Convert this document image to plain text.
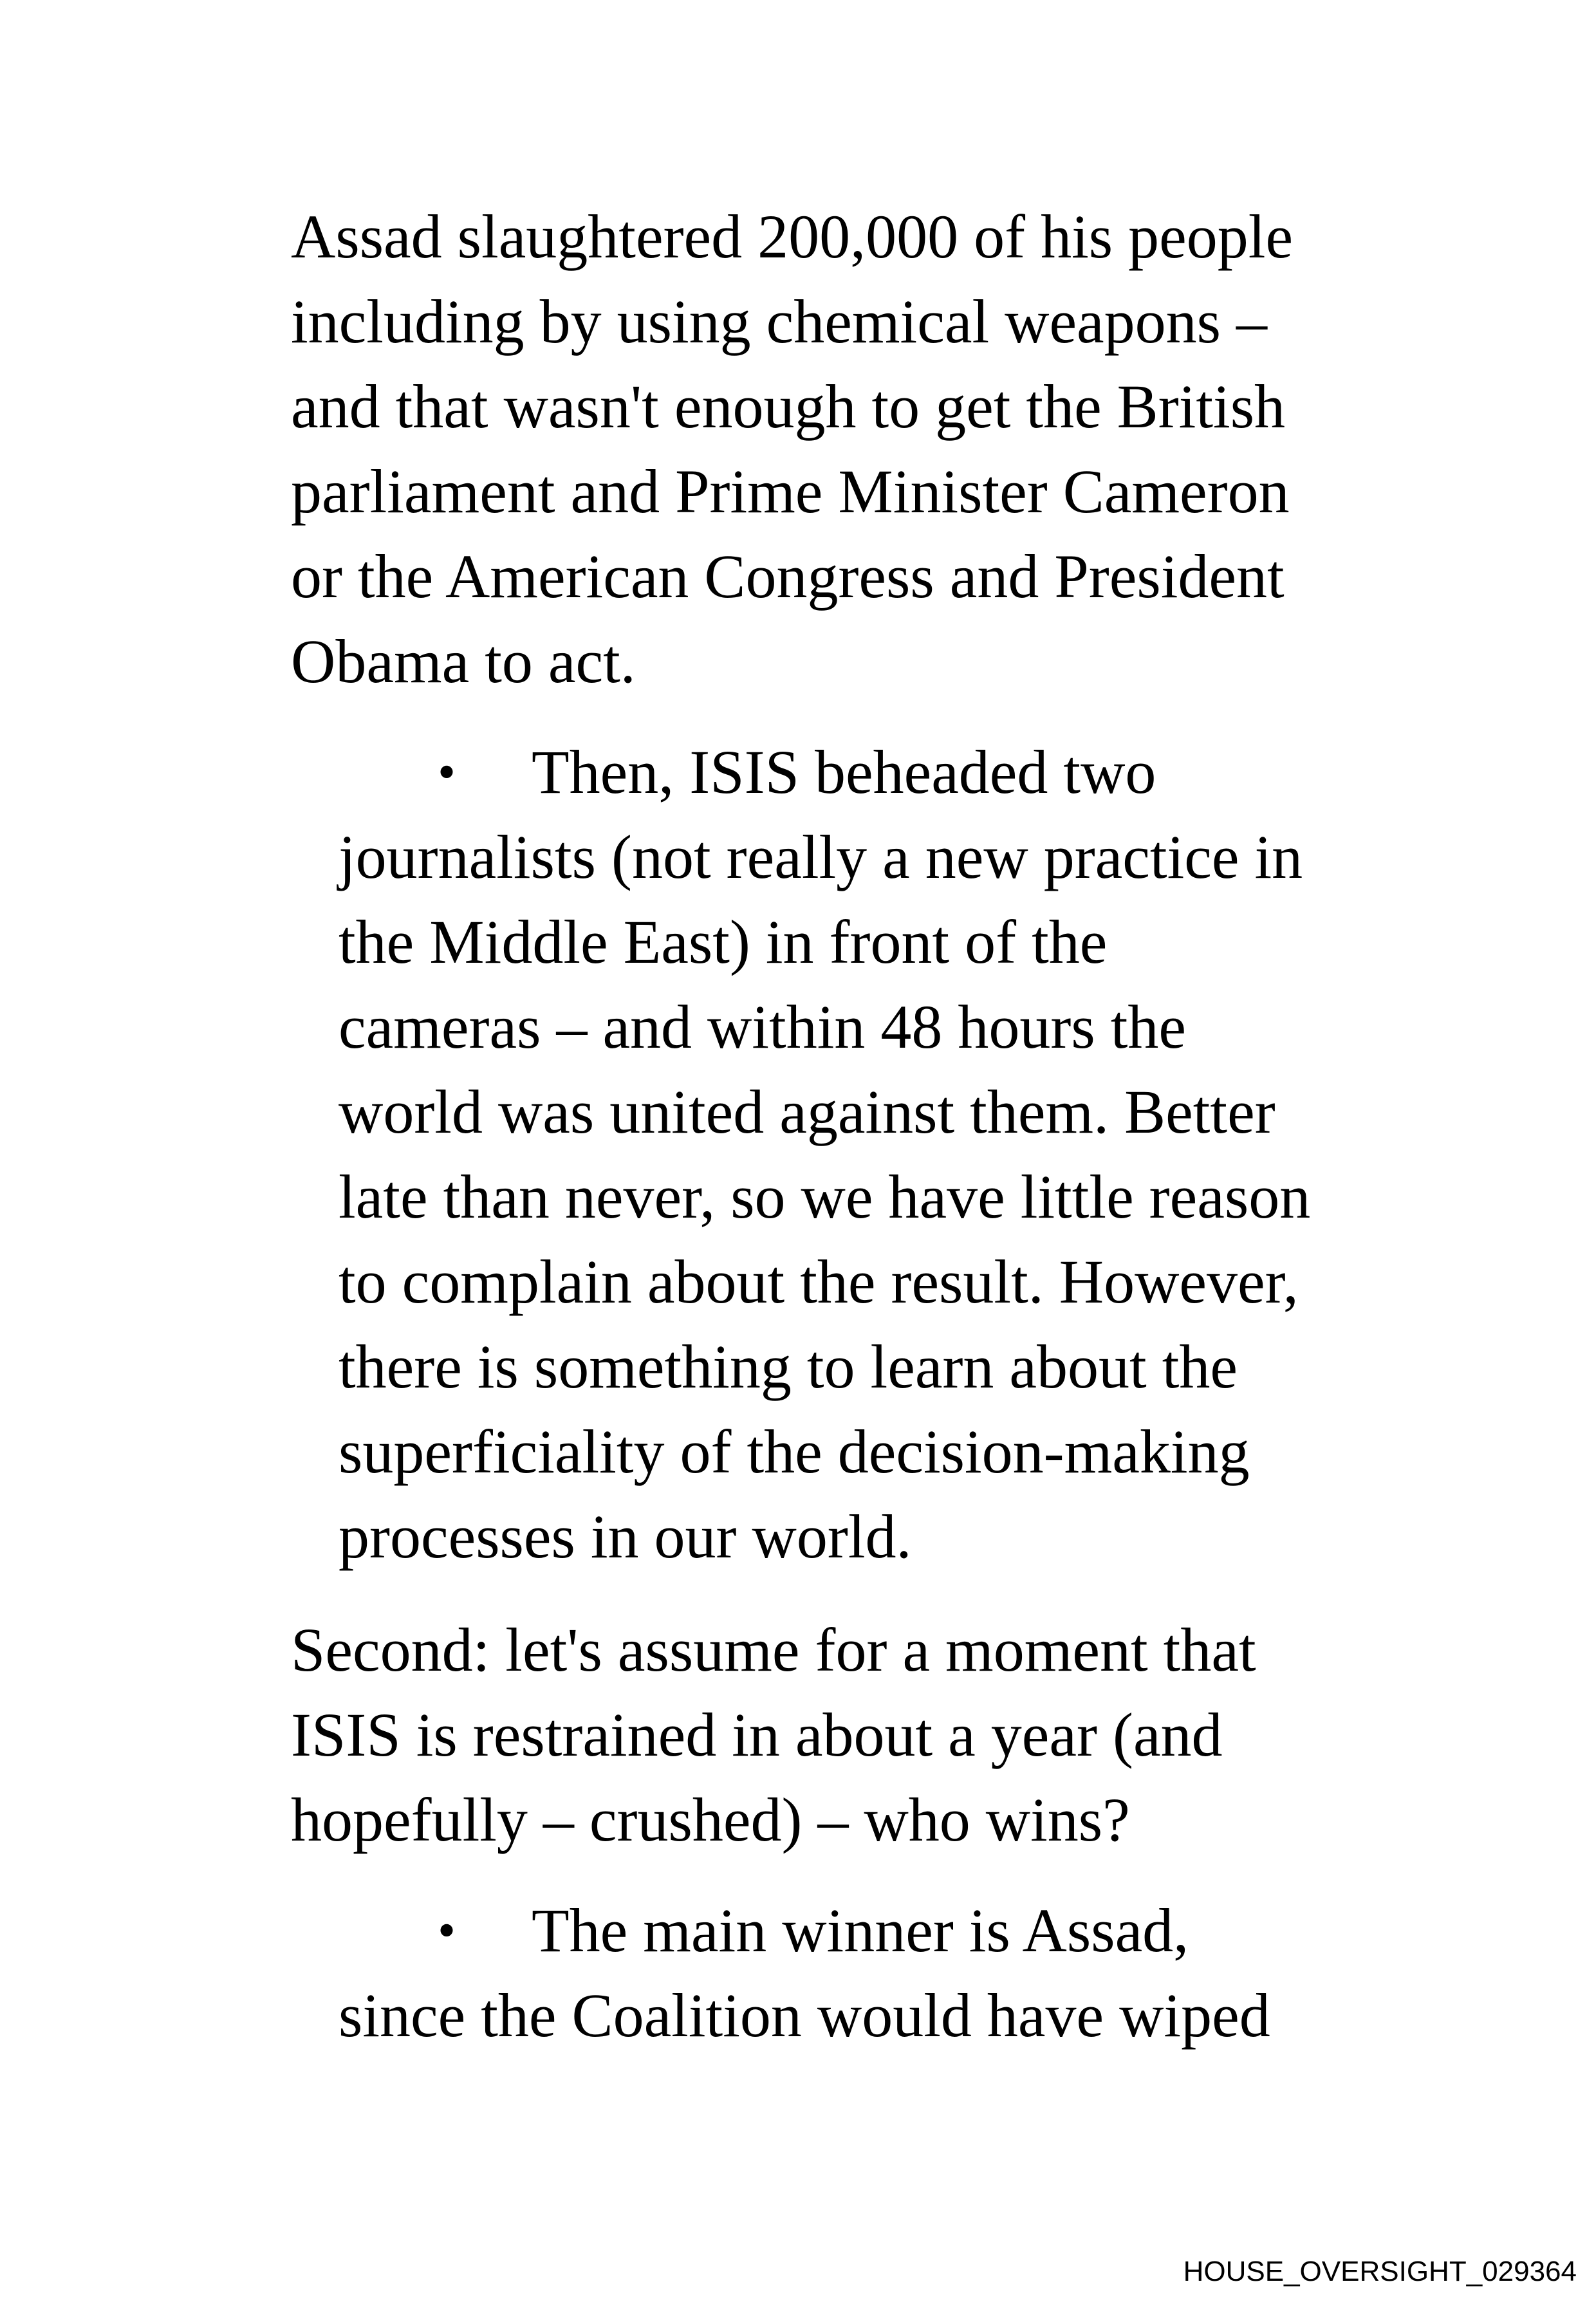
Assad slaughtered 200,000 of his people
including by using chemical weapons –
and that wasn't enough to get the British
parliament and Prime Minister Cameron
or the American Congress and President
Obama to act.
• Then, ISIS beheaded two
journalists (not really a new practice in
the Middle East) in front of the
cameras – and within 48 hours the
world was united against them. Better
late than never, so we have little reason
to complain about the result. However,
there is something to learn about the
superficiality of the decision-making
processes in our world.
Second: let's assume for a moment that
ISIS is restrained in about a year (and
hopefully – crushed) – who wins?
• The main winner is Assad,
since the Coalition would have wiped
HOUSE_OVERSIGHT_029364
